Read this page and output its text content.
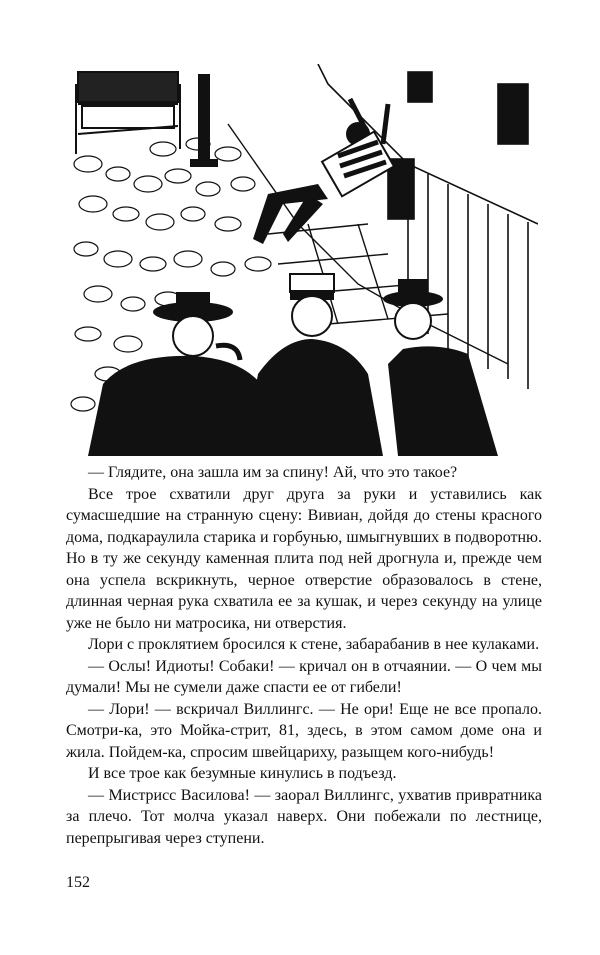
— Глядите, она зашла им за спину! Ай, что это такое?

Все трое схватили друг друга за руки и уставились как сумасшедшие на странную сцену: Вивиан, дойдя до стены красного дома, подкараулила старика и горбунью, шмыгнувших в подворотню. Но в ту же секунду каменная плита под ней дрогнула и, прежде чем она успела вскрикнуть, черное отверстие образовалось в стене, длинная черная рука схватила ее за кушак, и через секунду на улице уже не было ни матросика, ни отверстия.

Лори с проклятием бросился к стене, забарабанив в нее кулаками.

— Ослы! Идиоты! Собаки! — кричал он в отчаянии. — О чем мы думали! Мы не сумели даже спасти ее от гибели!

— Лори! — вскричал Виллингс. — Не ори! Еще не все пропало. Смотри-ка, это Мойка-стрит, 81, здесь, в этом самом доме она и жила. Пойдем-ка, спросим швейцариху, разыщем кого-нибудь!

И все трое как безумные кинулись в подъезд.

— Мистрисс Василова! — заорал Виллингс, ухватив привратника за плечо. Тот молча указал наверх. Они побежали по лестнице, перепрыгивая через ступени.

152
